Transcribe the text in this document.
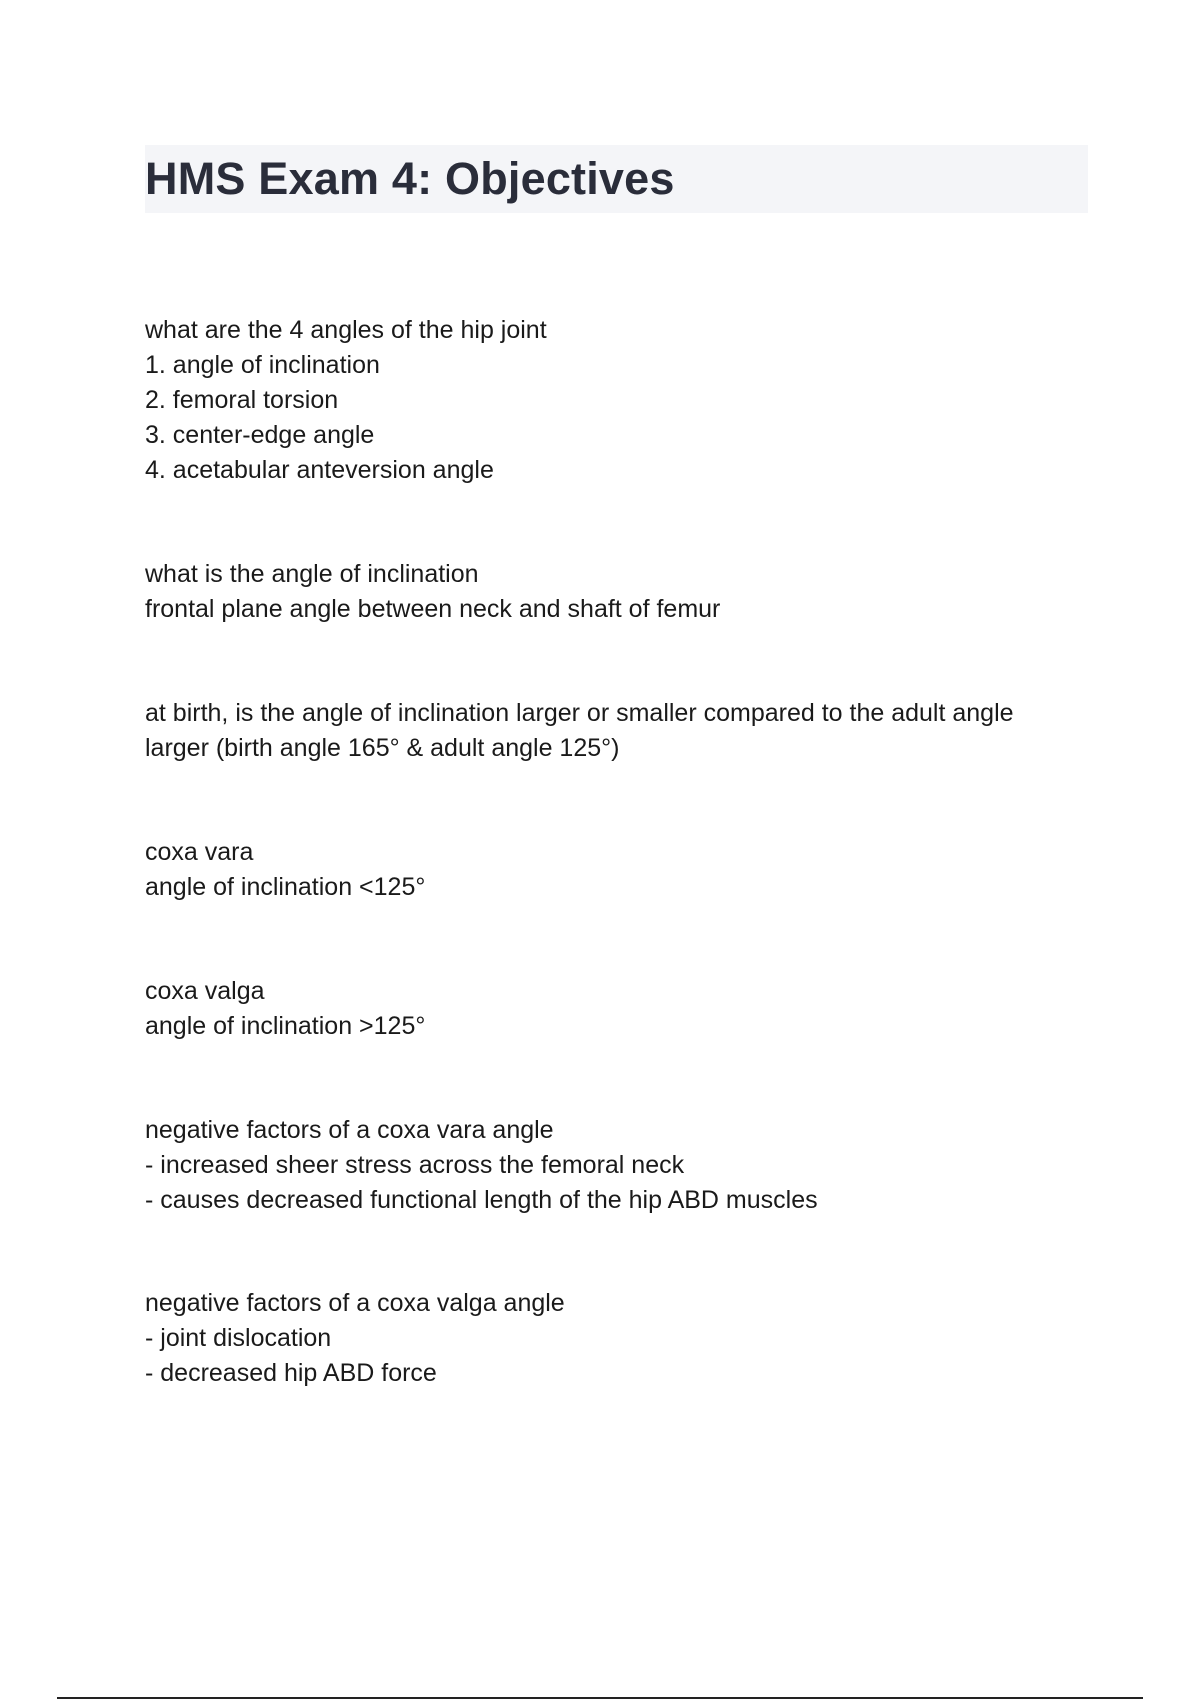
HMS Exam 4: Objectives
what are the 4 angles of the hip joint
1. angle of inclination
2. femoral torsion
3. center-edge angle
4. acetabular anteversion angle
what is the angle of inclination
frontal plane angle between neck and shaft of femur
at birth, is the angle of inclination larger or smaller compared to the adult angle
larger (birth angle 165° & adult angle 125°)
coxa vara
angle of inclination <125°
coxa valga
angle of inclination >125°
negative factors of a coxa vara angle
- increased sheer stress across the femoral neck
- causes decreased functional length of the hip ABD muscles
negative factors of a coxa valga angle
- joint dislocation
- decreased hip ABD force
